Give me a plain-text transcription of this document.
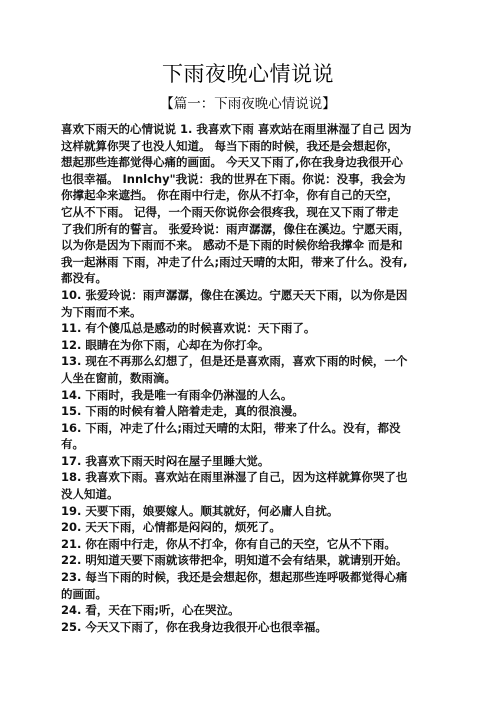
下雨夜晚心情说说
【篇一：下雨夜晚心情说说】
喜欢下雨天的心情说说 1. 我喜欢下雨 喜欢站在雨里淋湿了自己 因为
这样就算你哭了也没人知道。 每当下雨的时候，我还是会想起你，
想起那些连都觉得心痛的画面。 今天又下雨了,你在我身边我很开心
也很幸福。 Innlchy"我说：我的世界在下雨。你说：没事，我会为
你撑起伞来遮挡。 你在雨中行走，你从不打伞，你有自己的天空，
它从不下雨。 记得，一个雨天你说你会很疼我，现在又下雨了带走
了我们所有的誓言。 张爱玲说：雨声潺潺，像住在溪边。宁愿天雨，
以为你是因为下雨而不来。 感动不是下雨的时候你给我撑伞 而是和
我一起淋雨 下雨，冲走了什么;雨过天晴的太阳，带来了什么。没有,
都没有。
10. 张爱玲说：雨声潺潺，像住在溪边。宁愿天天下雨，以为你是因
为下雨而不来。
11. 有个傻瓜总是感动的时候喜欢说：天下雨了。
12. 眼睛在为你下雨，心却在为你打伞。
13. 现在不再那么幻想了，但是还是喜欢雨，喜欢下雨的时候，一个
人坐在窗前，数雨滴。
14. 下雨时，我是唯一有雨伞仍淋湿的人么。
15. 下雨的时候有着人陪着走走，真的很浪漫。
16. 下雨，冲走了什么;雨过天晴的太阳，带来了什么。没有，都没
有。
17. 我喜欢下雨天时闷在屋子里睡大觉。
18. 我喜欢下雨。喜欢站在雨里淋湿了自己，因为这样就算你哭了也
没人知道。
19. 天要下雨，娘要嫁人。顺其就好，何必庸人自扰。
20. 天天下雨，心情都是闷闷的，烦死了。
21. 你在雨中行走，你从不打伞，你有自己的天空，它从不下雨。
22. 明知道天要下雨就该带把伞，明知道不会有结果，就请别开始。
23. 每当下雨的时候，我还是会想起你，想起那些连呼吸都觉得心痛
的画面。
24. 看，天在下雨;听，心在哭泣。
25. 今天又下雨了，你在我身边我很开心也很幸福。
